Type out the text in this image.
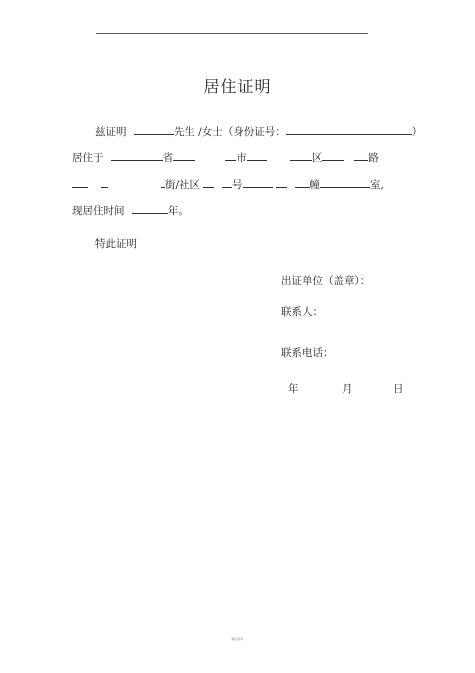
居住证明
兹证明	先生 /女士（身份证号：	）
居住于	省	市	区	路
街/社区	号	幢	室,
现居住时间	年。
特此证明
出证单位（盖章）：
联系人：
联系电话：
年	月	日
精品资料
